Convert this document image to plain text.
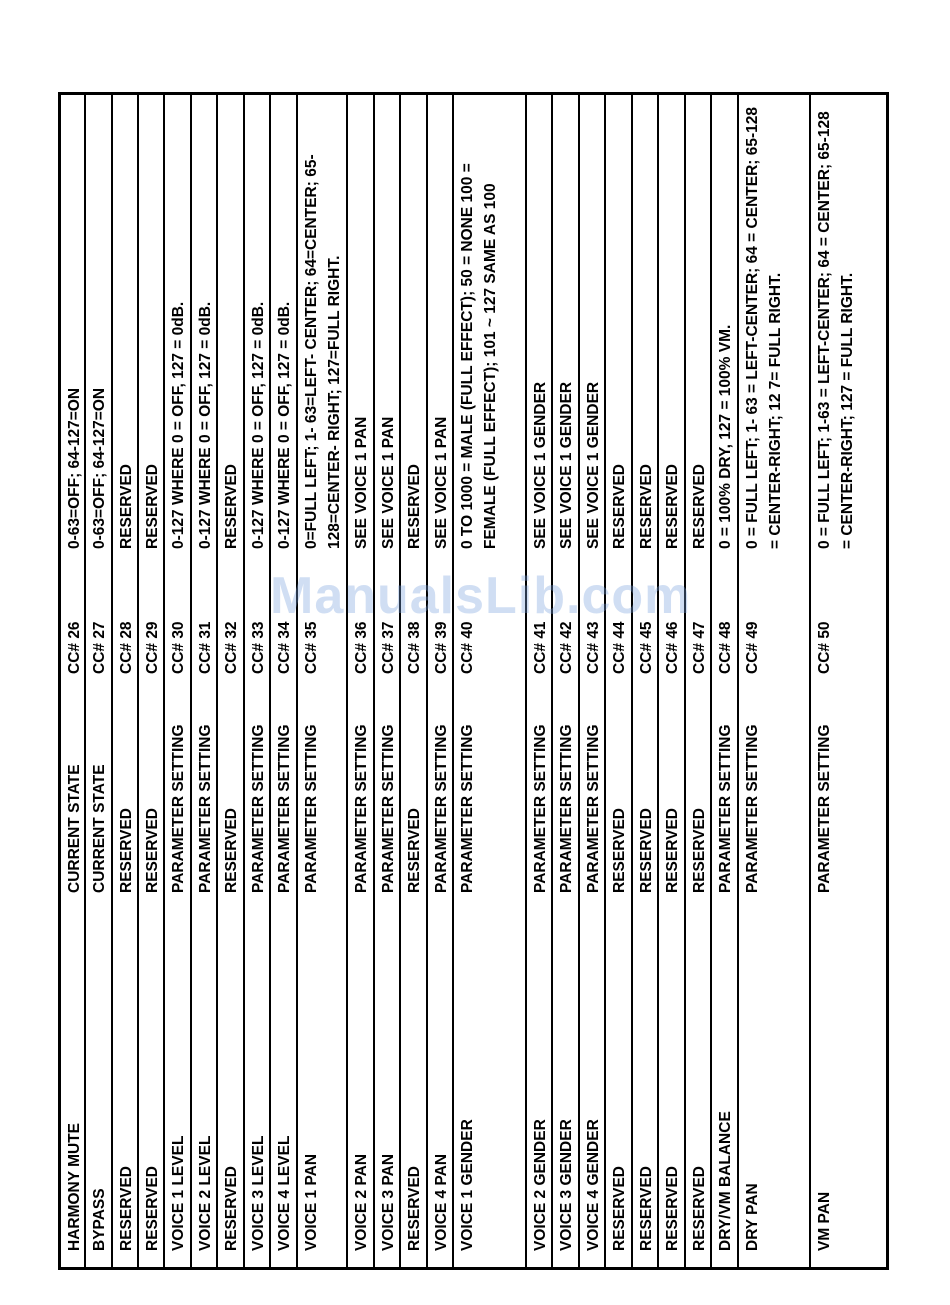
HARMONY MUTE
CURRENT STATE
CC# 26
0-63=OFF; 64-127=ON
BYPASS
CURRENT STATE
CC# 27
0-63=OFF; 64-127=ON
RESERVED
RESERVED
CC# 28
RESERVED
RESERVED
RESERVED
CC# 29
RESERVED
VOICE 1 LEVEL
PARAMETER SETTING
CC# 30
0-127 WHERE 0 = OFF, 127 = 0dB.
VOICE 2 LEVEL
PARAMETER SETTING
CC# 31
0-127 WHERE 0 = OFF, 127 = 0dB.
RESERVED
RESERVED
CC# 32
RESERVED
VOICE 3 LEVEL
PARAMETER SETTING
CC# 33
0-127 WHERE 0 = OFF, 127 = 0dB.
VOICE 4 LEVEL
PARAMETER SETTING
CC# 34
0-127 WHERE 0 = OFF, 127 = 0dB.
VOICE 1 PAN
PARAMETER SETTING
CC# 35
0=FULL LEFT; 1- 63=LEFT- CENTER; 64=CENTER; 65-128=CENTER- RIGHT; 127=FULL RIGHT.
VOICE 2 PAN
PARAMETER SETTING
CC# 36
SEE VOICE 1 PAN
VOICE 3 PAN
PARAMETER SETTING
CC# 37
SEE VOICE 1 PAN
RESERVED
RESERVED
CC# 38
RESERVED
VOICE 4 PAN
PARAMETER SETTING
CC# 39
SEE VOICE 1 PAN
VOICE 1 GENDER
PARAMETER SETTING
CC# 40
0 TO 1000 = MALE (FULL EFFECT); 50 = NONE 100 = FEMALE (FULL EFFECT); 101 ~ 127 SAME AS 100
VOICE 2 GENDER
PARAMETER SETTING
CC# 41
SEE VOICE 1 GENDER
VOICE 3 GENDER
PARAMETER SETTING
CC# 42
SEE VOICE 1 GENDER
VOICE 4 GENDER
PARAMETER SETTING
CC# 43
SEE VOICE 1 GENDER
RESERVED
RESERVED
CC# 44
RESERVED
RESERVED
RESERVED
CC# 45
RESERVED
RESERVED
RESERVED
CC# 46
RESERVED
RESERVED
RESERVED
CC# 47
RESERVED
DRY/VM BALANCE
PARAMETER SETTING
CC# 48
0 = 100% DRY, 127 = 100% VM.
DRY PAN
PARAMETER SETTING
CC# 49
0 = FULL LEFT; 1- 63 = LEFT-CENTER; 64 = CENTER; 65-128 = CENTER-RIGHT; 12 7= FULL RIGHT.
VM PAN
PARAMETER SETTING
CC# 50
0 = FULL LEFT; 1-63 = LEFT-CENTER; 64 = CENTER; 65-128 = CENTER-RIGHT; 127 = FULL RIGHT.
ManualsLib.com
